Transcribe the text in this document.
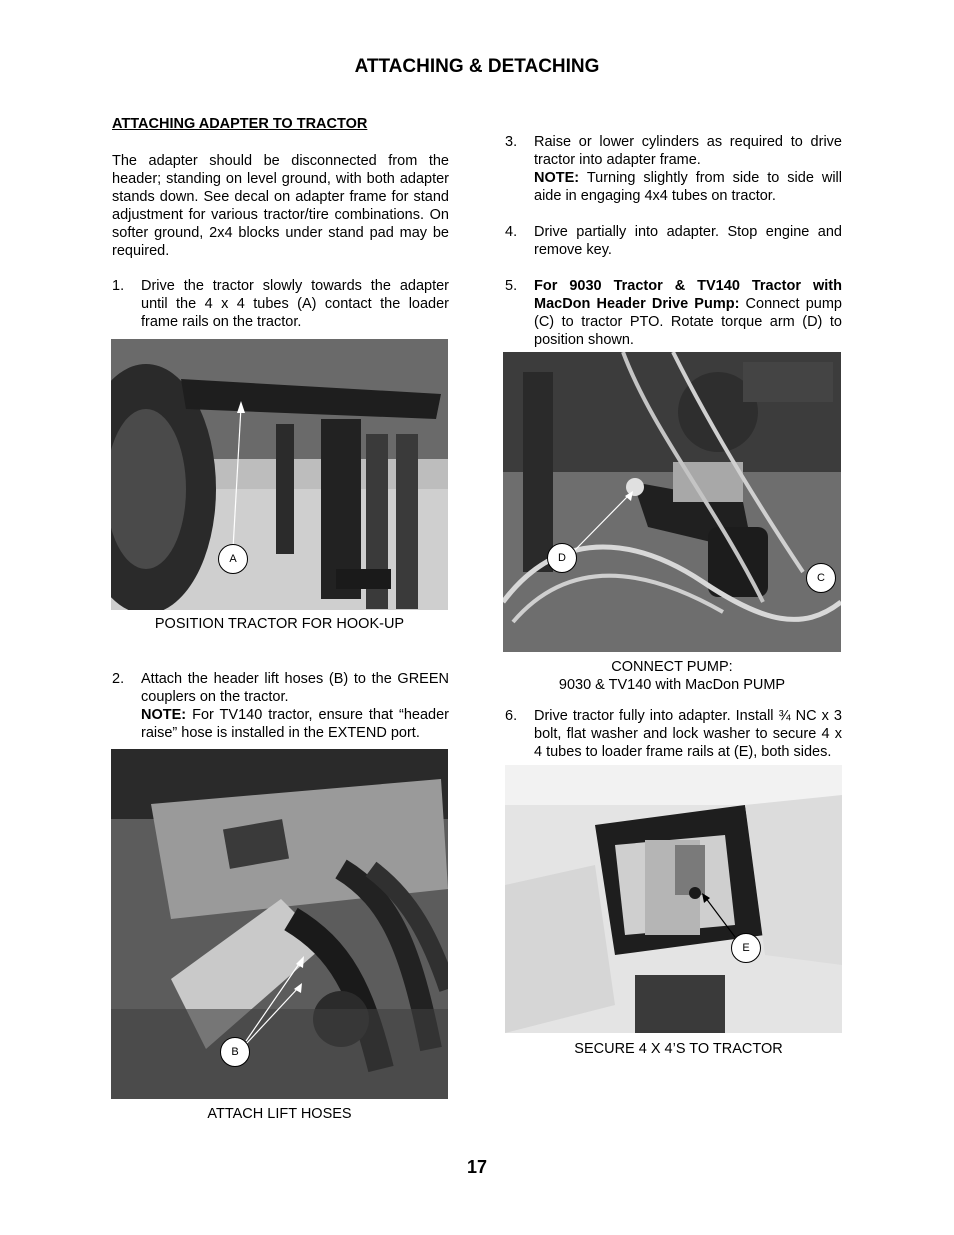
ATTACHING & DETACHING
ATTACHING ADAPTER TO TRACTOR
The adapter should be disconnected from the header; standing on level ground, with both adapter stands down. See decal on adapter frame for stand adjustment for various tractor/tire combinations. On softer ground, 2x4 blocks under stand pad may be required.
1.	Drive the tractor slowly towards the adapter until the 4 x 4 tubes (A) contact the loader frame rails on the tractor.
A
POSITION TRACTOR FOR HOOK-UP
2.	Attach the header lift hoses (B) to the GREEN couplers on the tractor.
NOTE: For TV140 tractor, ensure that “header raise” hose is installed in the EXTEND port.
B
ATTACH LIFT HOSES
3.	Raise or lower cylinders as required to drive tractor into adapter frame.
NOTE: Turning slightly from side to side will aide in engaging 4x4 tubes on tractor.
4.	Drive partially into adapter. Stop engine and remove key.
5.	For 9030 Tractor & TV140 Tractor with MacDon Header Drive Pump: Connect pump (C) to tractor PTO. Rotate torque arm (D) to position shown.
D
C
CONNECT PUMP:
9030 & TV140 with MacDon PUMP
6.	Drive tractor fully into adapter. Install ¾ NC x 3 bolt, flat washer and lock washer to secure 4 x 4 tubes to loader frame rails at (E), both sides.
E
SECURE 4 X 4’S TO TRACTOR
17
